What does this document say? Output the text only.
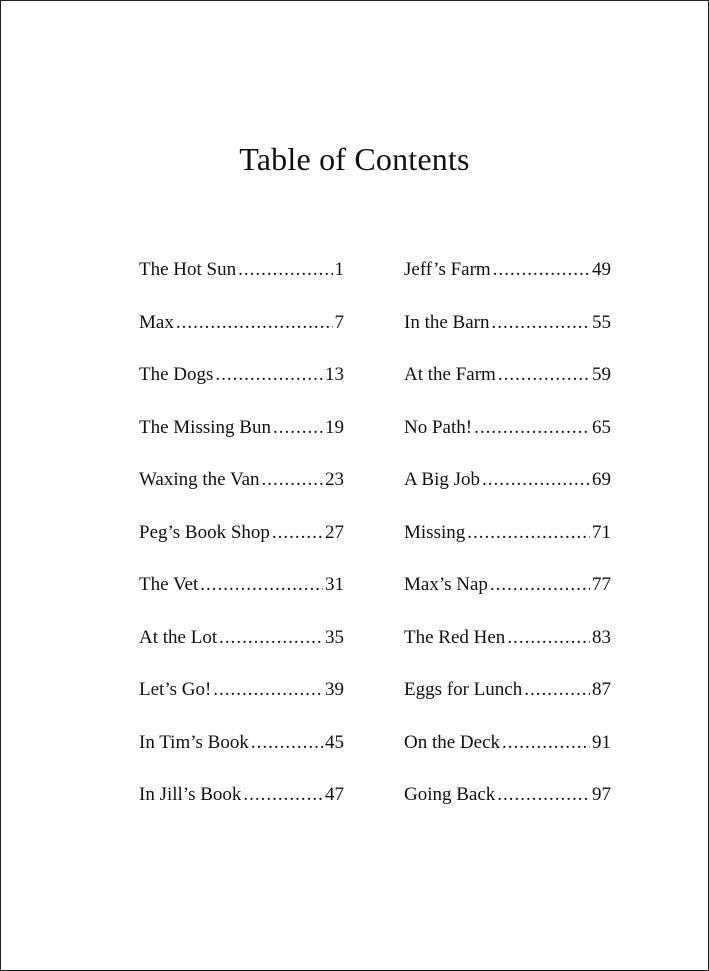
Table of Contents
The Hot Sun .....	1
Max .....	7
The Dogs .....	13
The Missing Bun .....	19
Waxing the Van .....	23
Peg’s Book Shop .....	27
The Vet .....	31
At the Lot .....	35
Let’s Go! .....	39
In Tim’s Book .....	45
In Jill’s Book .....	47
Jeff’s Farm .....	49
In the Barn .....	55
At the Farm .....	59
No Path! .....	65
A Big Job .....	69
Missing .....	71
Max’s Nap .....	77
The Red Hen .....	83
Eggs for Lunch .....	87
On the Deck .....	91
Going Back .....	97
